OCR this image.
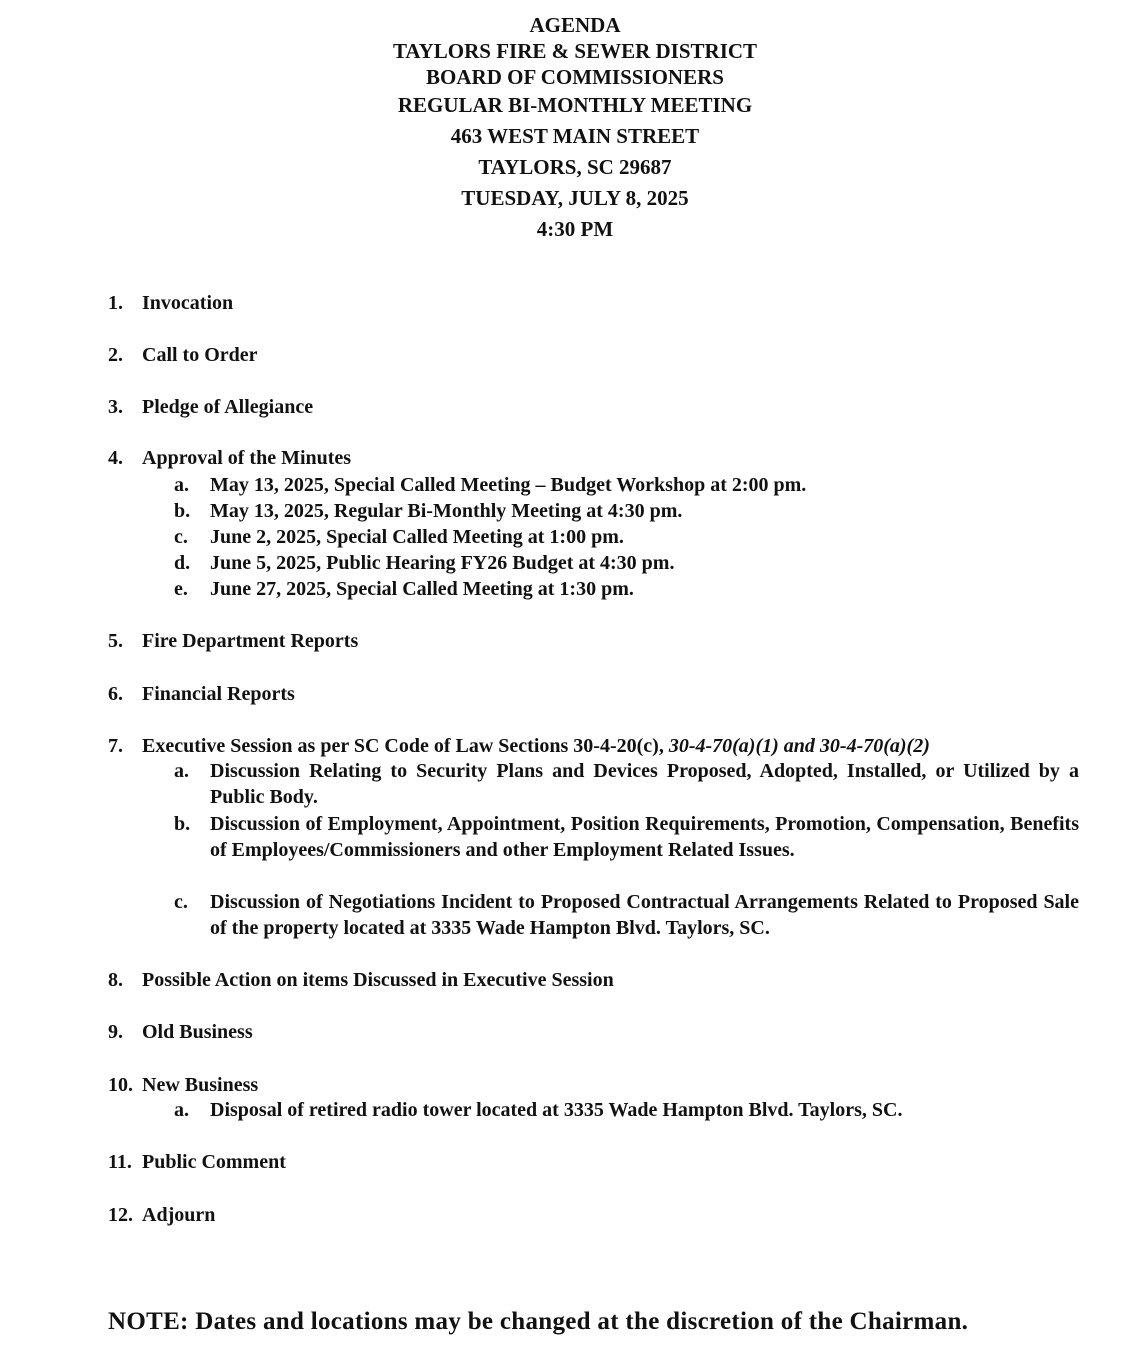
AGENDA
TAYLORS FIRE & SEWER DISTRICT
BOARD OF COMMISSIONERS
REGULAR BI-MONTHLY MEETING
463 WEST MAIN STREET
TAYLORS, SC 29687
TUESDAY, JULY 8, 2025
4:30 PM
1. Invocation
2. Call to Order
3. Pledge of Allegiance
4. Approval of the Minutes
a.	May 13, 2025, Special Called Meeting – Budget Workshop at 2:00 pm.
b. May 13, 2025, Regular Bi-Monthly Meeting at 4:30 pm.
c.	June 2, 2025, Special Called Meeting at 1:00 pm.
d. June 5, 2025, Public Hearing FY26 Budget at 4:30 pm.
e.	June 27, 2025, Special Called Meeting at 1:30 pm.
5. Fire Department Reports
6. Financial Reports
7. Executive Session as per SC Code of Law Sections 30-4-20(c), 30-4-70(a)(1) and 30-4-70(a)(2)
a.	Discussion Relating to Security Plans and Devices Proposed, Adopted, Installed, or Utilized by a Public Body.
b. Discussion of Employment, Appointment, Position Requirements, Promotion, Compensation, Benefits of Employees/Commissioners and other Employment Related Issues.
c.	Discussion of Negotiations Incident to Proposed Contractual Arrangements Related to Proposed Sale of the property located at 3335 Wade Hampton Blvd. Taylors, SC.
8. Possible Action on items Discussed in Executive Session
9. Old Business
10. New Business
a.	Disposal of retired radio tower located at 3335 Wade Hampton Blvd. Taylors, SC.
11. Public Comment
12. Adjourn
NOTE: Dates and locations may be changed at the discretion of the Chairman.
